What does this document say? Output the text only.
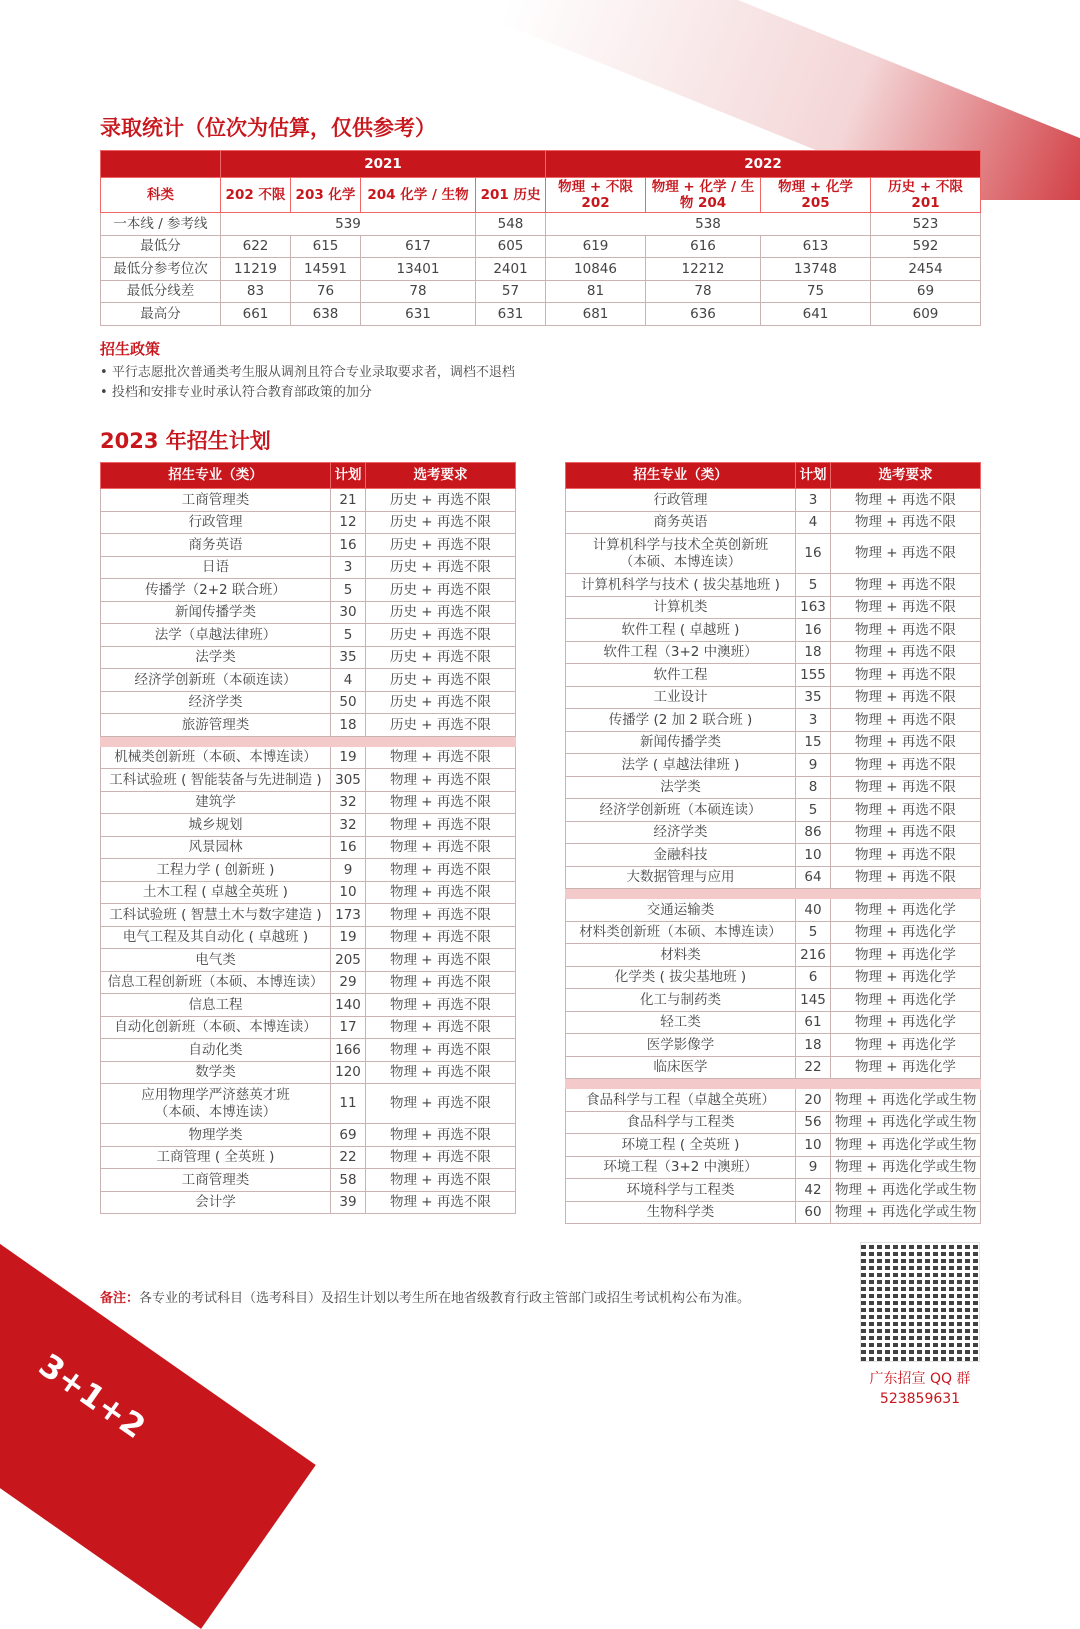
广东省
3+1+2
录取统计（位次为估算，仅供参考）
	2021				2022			
科类	202 不限	203 化学	204 化学 / 生物	201 历史	物理 + 不限 202	物理 + 化学 / 生物 204	物理 + 化学 205	历史 + 不限 201
一本线 / 参考线	539			548	538			523
最低分	622	615	617	605	619	616	613	592
最低分参考位次	11219	14591	13401	2401	10846	12212	13748	2454
最低分线差	83	76	78	57	81	78	75	69
最高分	661	638	631	631	681	636	641	609
招生政策
• 平行志愿批次普通类考生服从调剂且符合专业录取要求者，调档不退档
• 投档和安排专业时承认符合教育部政策的加分
2023 年招生计划
招生专业（类）	计划	选考要求
工商管理类	21	历史 + 再选不限
行政管理	12	历史 + 再选不限
商务英语	16	历史 + 再选不限
日语	3	历史 + 再选不限
传播学（2+2 联合班）	5	历史 + 再选不限
新闻传播学类	30	历史 + 再选不限
法学（卓越法律班）	5	历史 + 再选不限
法学类	35	历史 + 再选不限
经济学创新班（本硕连读）	4	历史 + 再选不限
经济学类	50	历史 + 再选不限
旅游管理类	18	历史 + 再选不限

机械类创新班（本硕、本博连读）	19	物理 + 再选不限
工科试验班 ( 智能装备与先进制造 )	305	物理 + 再选不限
建筑学	32	物理 + 再选不限
城乡规划	32	物理 + 再选不限
风景园林	16	物理 + 再选不限
工程力学 ( 创新班 )	9	物理 + 再选不限
土木工程 ( 卓越全英班 )	10	物理 + 再选不限
工科试验班 ( 智慧土木与数字建造 )	173	物理 + 再选不限
电气工程及其自动化 ( 卓越班 )	19	物理 + 再选不限
电气类	205	物理 + 再选不限
信息工程创新班（本硕、本博连读）	29	物理 + 再选不限
信息工程	140	物理 + 再选不限
自动化创新班（本硕、本博连读）	17	物理 + 再选不限
自动化类	166	物理 + 再选不限
数学类	120	物理 + 再选不限
应用物理学严济慈英才班
（本硕、本博连读）	11	物理 + 再选不限
物理学类	69	物理 + 再选不限
工商管理 ( 全英班 )	22	物理 + 再选不限
工商管理类	58	物理 + 再选不限
会计学	39	物理 + 再选不限
招生专业（类）	计划	选考要求
行政管理	3	物理 + 再选不限
商务英语	4	物理 + 再选不限
计算机科学与技术全英创新班
（本硕、本博连读）	16	物理 + 再选不限
计算机科学与技术 ( 拔尖基地班 )	5	物理 + 再选不限
计算机类	163	物理 + 再选不限
软件工程 ( 卓越班 )	16	物理 + 再选不限
软件工程（3+2 中澳班）	18	物理 + 再选不限
软件工程	155	物理 + 再选不限
工业设计	35	物理 + 再选不限
传播学 (2 加 2 联合班 )	3	物理 + 再选不限
新闻传播学类	15	物理 + 再选不限
法学 ( 卓越法律班 )	9	物理 + 再选不限
法学类	8	物理 + 再选不限
经济学创新班（本硕连读）	5	物理 + 再选不限
经济学类	86	物理 + 再选不限
金融科技	10	物理 + 再选不限
大数据管理与应用	64	物理 + 再选不限

交通运输类	40	物理 + 再选化学
材料类创新班（本硕、本博连读）	5	物理 + 再选化学
材料类	216	物理 + 再选化学
化学类 ( 拔尖基地班 )	6	物理 + 再选化学
化工与制药类	145	物理 + 再选化学
轻工类	61	物理 + 再选化学
医学影像学	18	物理 + 再选化学
临床医学	22	物理 + 再选化学

食品科学与工程（卓越全英班）	20	物理 + 再选化学或生物
食品科学与工程类	56	物理 + 再选化学或生物
环境工程 ( 全英班 )	10	物理 + 再选化学或生物
环境工程（3+2 中澳班）	9	物理 + 再选化学或生物
环境科学与工程类	42	物理 + 再选化学或生物
生物科学类	60	物理 + 再选化学或生物
备注：各专业的考试科目（选考科目）及招生计划以考生所在地省级教育行政主管部门或招生考试机构公布为准。
广东招宣 QQ 群
523859631
